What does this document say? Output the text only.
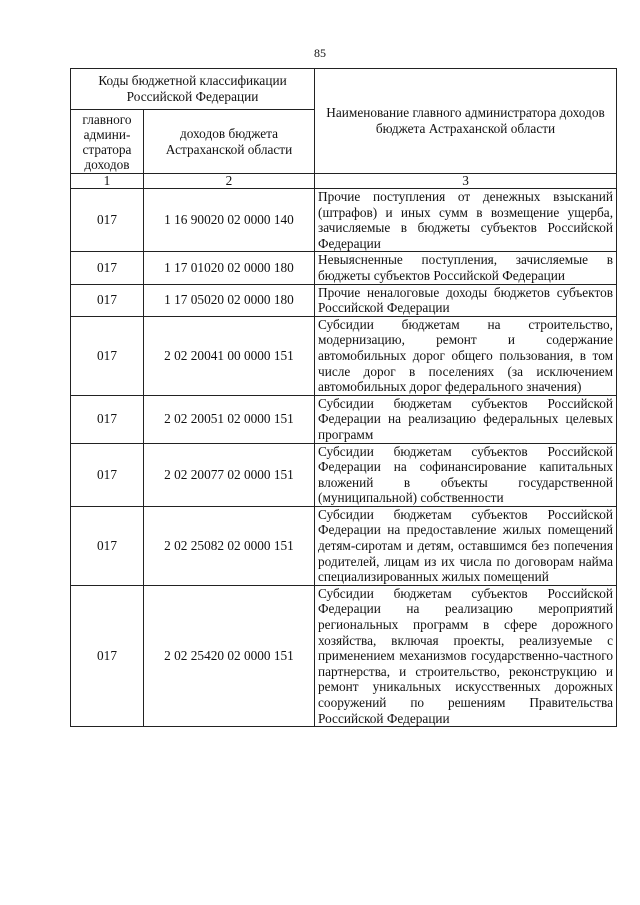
85
Коды бюджетной классификации Российской Федерации		Наименование главного администратора доходов бюджета Астраханской области
главного админи-стратора доходов	доходов бюджета Астраханской области	
1	2	3
017	1 16 90020 02 0000 140	Прочие поступления от денежных взысканий (штрафов) и иных сумм в возмещение ущерба, зачисляемые в бюджеты субъектов Российской Федерации
017	1 17 01020 02 0000 180	Невыясненные поступления, зачисляемые в бюджеты субъектов Российской Федерации
017	1 17 05020 02 0000 180	Прочие неналоговые доходы бюджетов субъектов Российской Федерации
017	2 02 20041 00 0000 151	Субсидии бюджетам на строительство, модернизацию, ремонт и содержание автомобильных дорог общего пользования, в том числе дорог в поселениях (за исключением автомобильных дорог федерального значения)
017	2 02 20051 02 0000 151	Субсидии бюджетам субъектов Российской Федерации на реализацию федеральных целевых программ
017	2 02 20077 02 0000 151	Субсидии бюджетам субъектов Российской Федерации на софинансирование капитальных вложений в объекты государственной (муниципальной) собственности
017	2 02 25082 02 0000 151	Субсидии бюджетам субъектов Российской Федерации на предоставление жилых помещений детям-сиротам и детям, оставшимся без попечения родителей, лицам из их числа по договорам найма специализированных жилых помещений
017	2 02 25420 02 0000 151	Субсидии бюджетам субъектов Российской Федерации на реализацию мероприятий региональных программ в сфере дорожного хозяйства, включая проекты, реализуемые с применением механизмов государственно-частного партнерства, и строительство, реконструкцию и ремонт уникальных искусственных дорожных сооружений по решениям Правительства Российской Федерации
